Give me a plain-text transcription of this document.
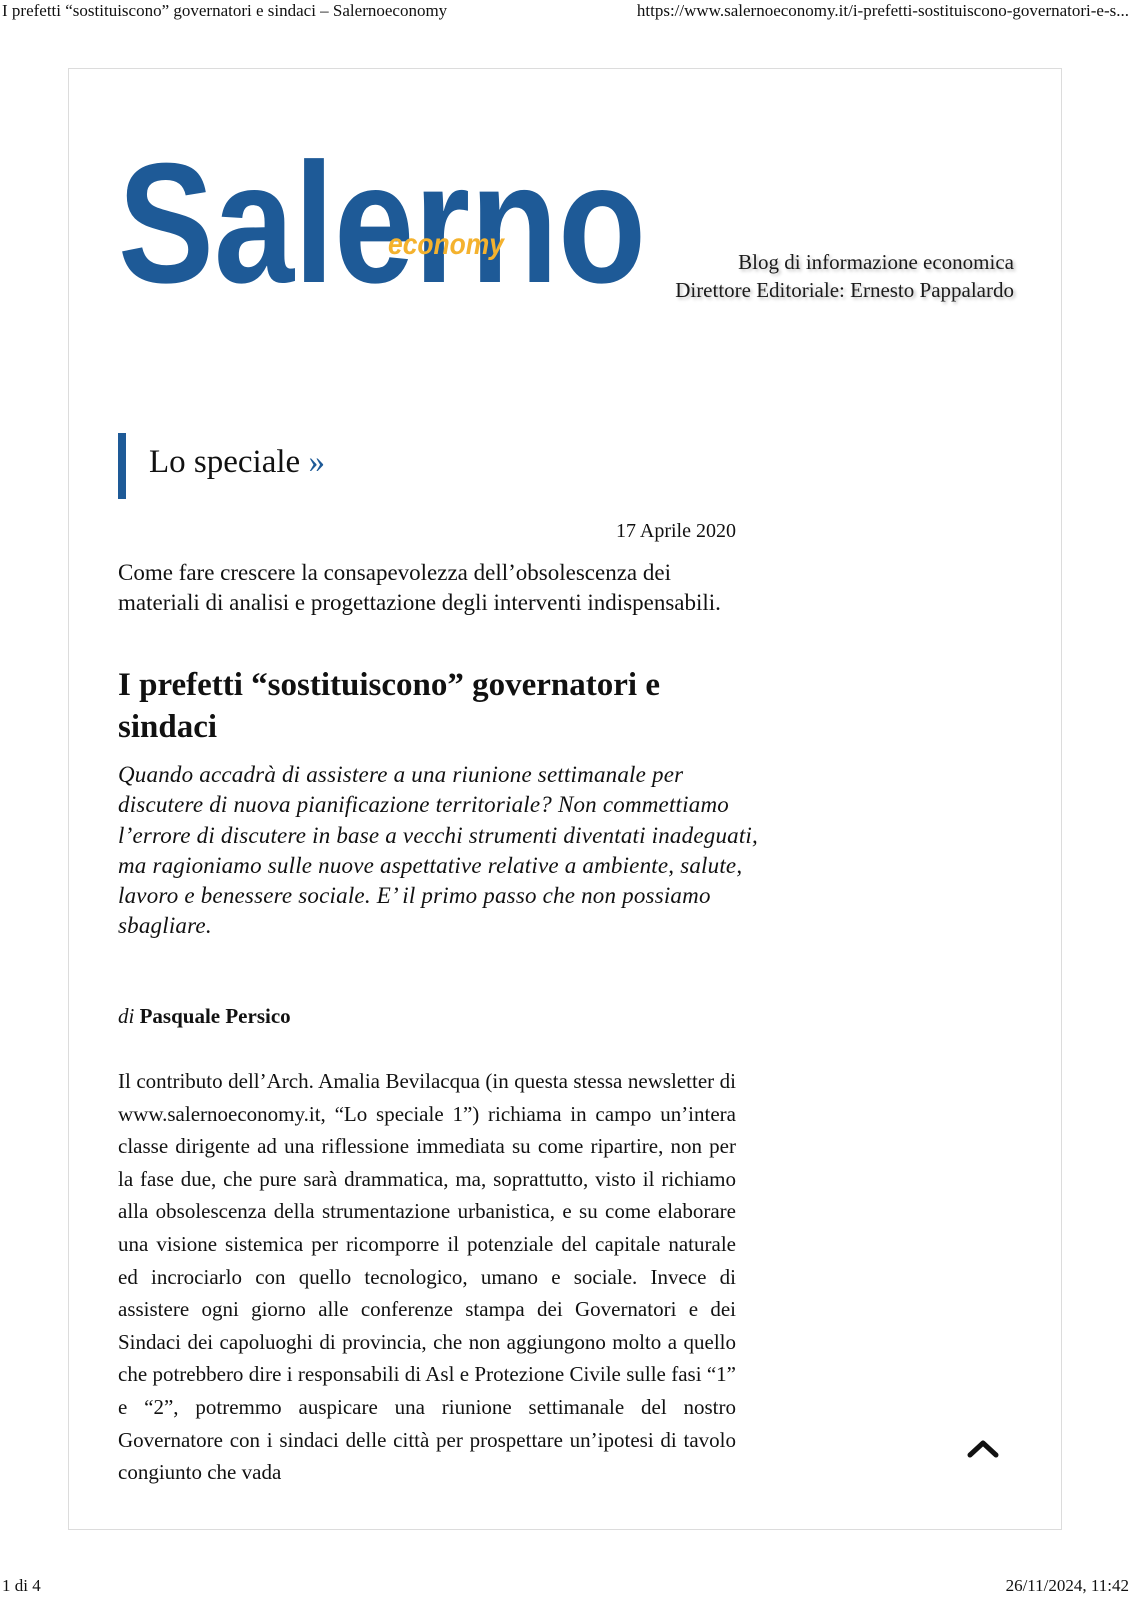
I prefetti “sostituiscono” governatori e sindaci – Salernoeconomy	https://www.salernoeconomy.it/i-prefetti-sostituiscono-governatori-e-s...
Salerno
economy
Blog di informazione economica
Direttore Editoriale: Ernesto Pappalardo
Lo speciale »
17 Aprile 2020
Come fare crescere la consapevolezza dell’obsolescenza dei materiali di analisi e progettazione degli interventi indispensabili.
I prefetti “sostituiscono” governatori e sindaci
Quando accadrà di assistere a una riunione settimanale per discutere di nuova pianificazione territoriale? Non commettiamo l’errore di discutere in base a vecchi strumenti diventati inadeguati, ma ragioniamo sulle nuove aspettative relative a ambiente, salute, lavoro e benessere sociale. E’ il primo passo che non possiamo sbagliare.
di Pasquale Persico

Il contributo dell’Arch. Amalia Bevilacqua (in questa stessa newsletter di www.salernoeconomy.it, “Lo speciale 1”) richiama in campo un’intera classe dirigente ad una riflessione immediata su come ripartire, non per la fase due, che pure sarà drammatica, ma, soprattutto, visto il richiamo alla obsolescenza della strumentazione urbanistica, e su come elaborare una visione sistemica per ricomporre il potenziale del capitale naturale ed incrociarlo con quello tecnologico, umano e sociale. Invece di assistere ogni giorno alle conferenze stampa dei Governatori e dei Sindaci dei capoluoghi di provincia, che non aggiungono molto a quello che potrebbero dire i responsabili di Asl e Protezione Civile sulle fasi “1” e “2”, potremmo auspicare una riunione settimanale del nostro Governatore con i sindaci delle città per prospettare un’ipotesi di tavolo congiunto che vada

1 di 4	26/11/2024, 11:42
